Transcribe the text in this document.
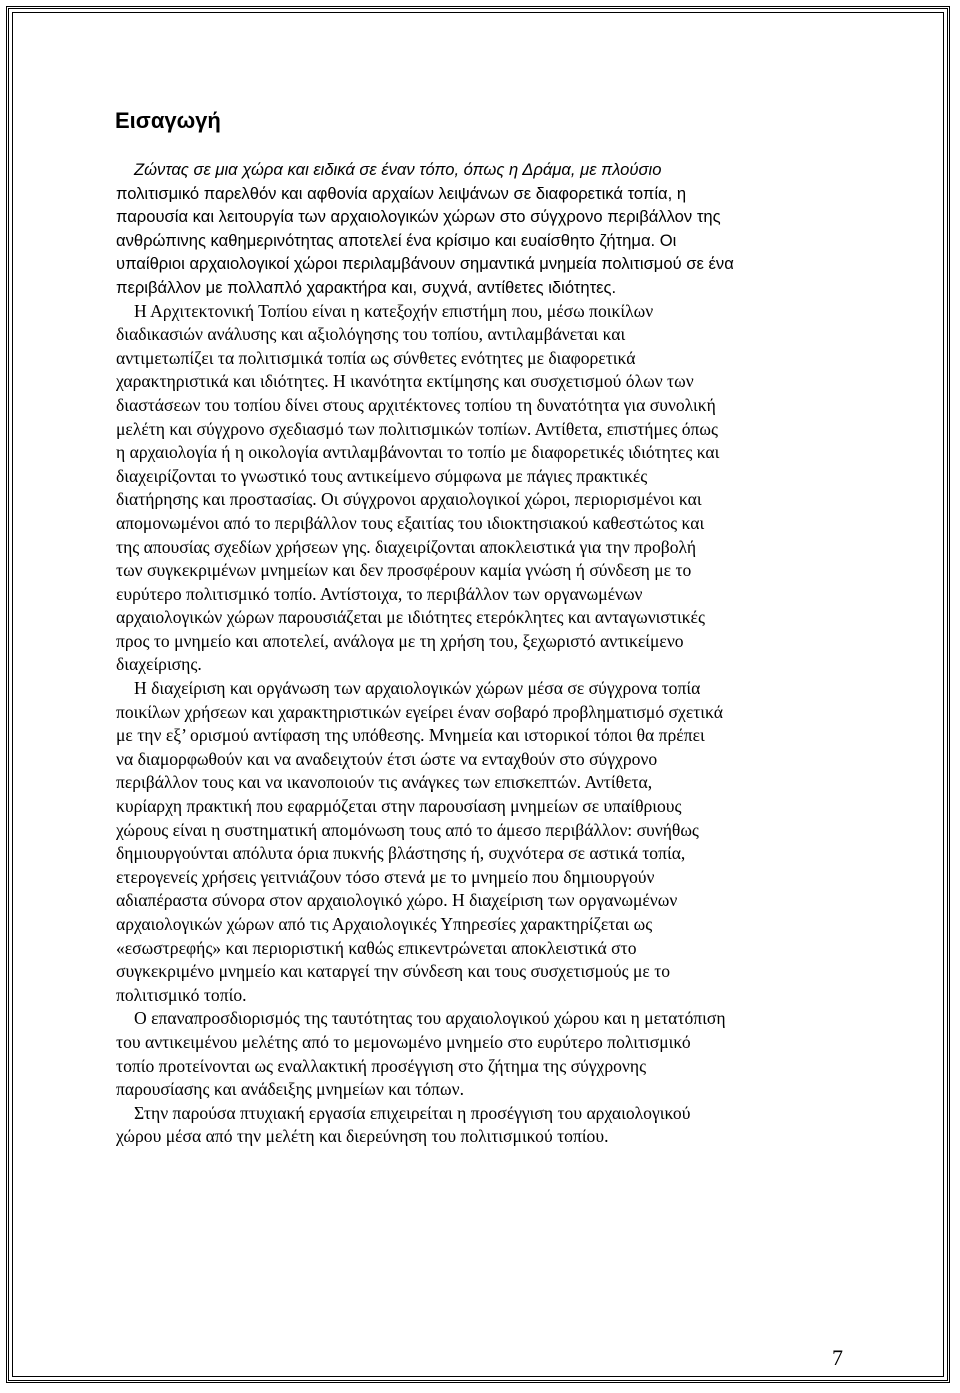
Εισαγωγή
Ζώντας σε μια χώρα και ειδικά σε έναν τόπο, όπως η Δράμα, με πλούσιο
πολιτισμικό παρελθόν και αφθονία αρχαίων λειψάνων σε διαφορετικά τοπία, η
παρουσία και λειτουργία των αρχαιολογικών χώρων στο σύγχρονο περιβάλλον της
ανθρώπινης καθημερινότητας αποτελεί ένα κρίσιμο και ευαίσθητο ζήτημα. Οι
υπαίθριοι αρχαιολογικοί χώροι περιλαμβάνουν σημαντικά μνημεία πολιτισμού σε ένα
περιβάλλον με πολλαπλό χαρακτήρα και, συχνά, αντίθετες ιδιότητες.
Η Αρχιτεκτονική Τοπίου είναι η κατεξοχήν επιστήμη που, μέσω ποικίλων
διαδικασιών ανάλυσης και αξιολόγησης του τοπίου, αντιλαμβάνεται και
αντιμετωπίζει τα πολιτισμικά τοπία ως σύνθετες ενότητες με διαφορετικά
χαρακτηριστικά και ιδιότητες. Η ικανότητα εκτίμησης και συσχετισμού όλων των
διαστάσεων του τοπίου δίνει στους αρχιτέκτονες τοπίου τη δυνατότητα για συνολική
μελέτη και σύγχρονο σχεδιασμό των πολιτισμικών τοπίων. Αντίθετα, επιστήμες όπως
η αρχαιολογία ή η οικολογία αντιλαμβάνονται το τοπίο με διαφορετικές ιδιότητες και
διαχειρίζονται το γνωστικό τους αντικείμενο σύμφωνα με πάγιες πρακτικές
διατήρησης και προστασίας. Οι σύγχρονοι αρχαιολογικοί χώροι, περιορισμένοι και
απομονωμένοι από το περιβάλλον τους εξαιτίας του ιδιοκτησιακού καθεστώτος και
της απουσίας σχεδίων χρήσεων γης. διαχειρίζονται αποκλειστικά για την προβολή
των συγκεκριμένων μνημείων και δεν προσφέρουν καμία γνώση ή σύνδεση με το
ευρύτερο πολιτισμικό τοπίο. Αντίστοιχα, το περιβάλλον των οργανωμένων
αρχαιολογικών χώρων παρουσιάζεται με ιδιότητες ετερόκλητες και ανταγωνιστικές
προς το μνημείο και αποτελεί, ανάλογα με τη χρήση του, ξεχωριστό αντικείμενο
διαχείρισης.
Η διαχείριση και οργάνωση των αρχαιολογικών χώρων μέσα σε σύγχρονα τοπία
ποικίλων χρήσεων και χαρακτηριστικών εγείρει έναν σοβαρό προβληματισμό σχετικά
με την εξ’ ορισμού αντίφαση της υπόθεσης. Μνημεία και ιστορικοί τόποι θα πρέπει
να διαμορφωθούν και να αναδειχτούν έτσι ώστε να ενταχθούν στο σύγχρονο
περιβάλλον τους και να ικανοποιούν τις ανάγκες των επισκεπτών. Αντίθετα,
κυρίαρχη πρακτική που εφαρμόζεται στην παρουσίαση μνημείων σε υπαίθριους
χώρους είναι η συστηματική απομόνωση τους από το άμεσο περιβάλλον: συνήθως
δημιουργούνται απόλυτα όρια πυκνής βλάστησης ή, συχνότερα σε αστικά τοπία,
ετερογενείς χρήσεις γειτνιάζουν τόσο στενά με το μνημείο που δημιουργούν
αδιαπέραστα σύνορα στον αρχαιολογικό χώρο. Η διαχείριση των οργανωμένων
αρχαιολογικών χώρων από τις Αρχαιολογικές Υπηρεσίες χαρακτηρίζεται ως
«εσωστρεφής» και περιοριστική καθώς επικεντρώνεται αποκλειστικά στο
συγκεκριμένο μνημείο και καταργεί την σύνδεση και τους συσχετισμούς με το
πολιτισμικό τοπίο.
Ο επαναπροσδιορισμός της ταυτότητας του αρχαιολογικού χώρου και η μετατόπιση
του αντικειμένου μελέτης από το μεμονωμένο μνημείο στο ευρύτερο πολιτισμικό
τοπίο προτείνονται ως εναλλακτική προσέγγιση στο ζήτημα της σύγχρονης
παρουσίασης και ανάδειξης μνημείων και τόπων.
Στην παρούσα πτυχιακή εργασία επιχειρείται η προσέγγιση του αρχαιολογικού
χώρου μέσα από την μελέτη και διερεύνηση του πολιτισμικού τοπίου.
7
